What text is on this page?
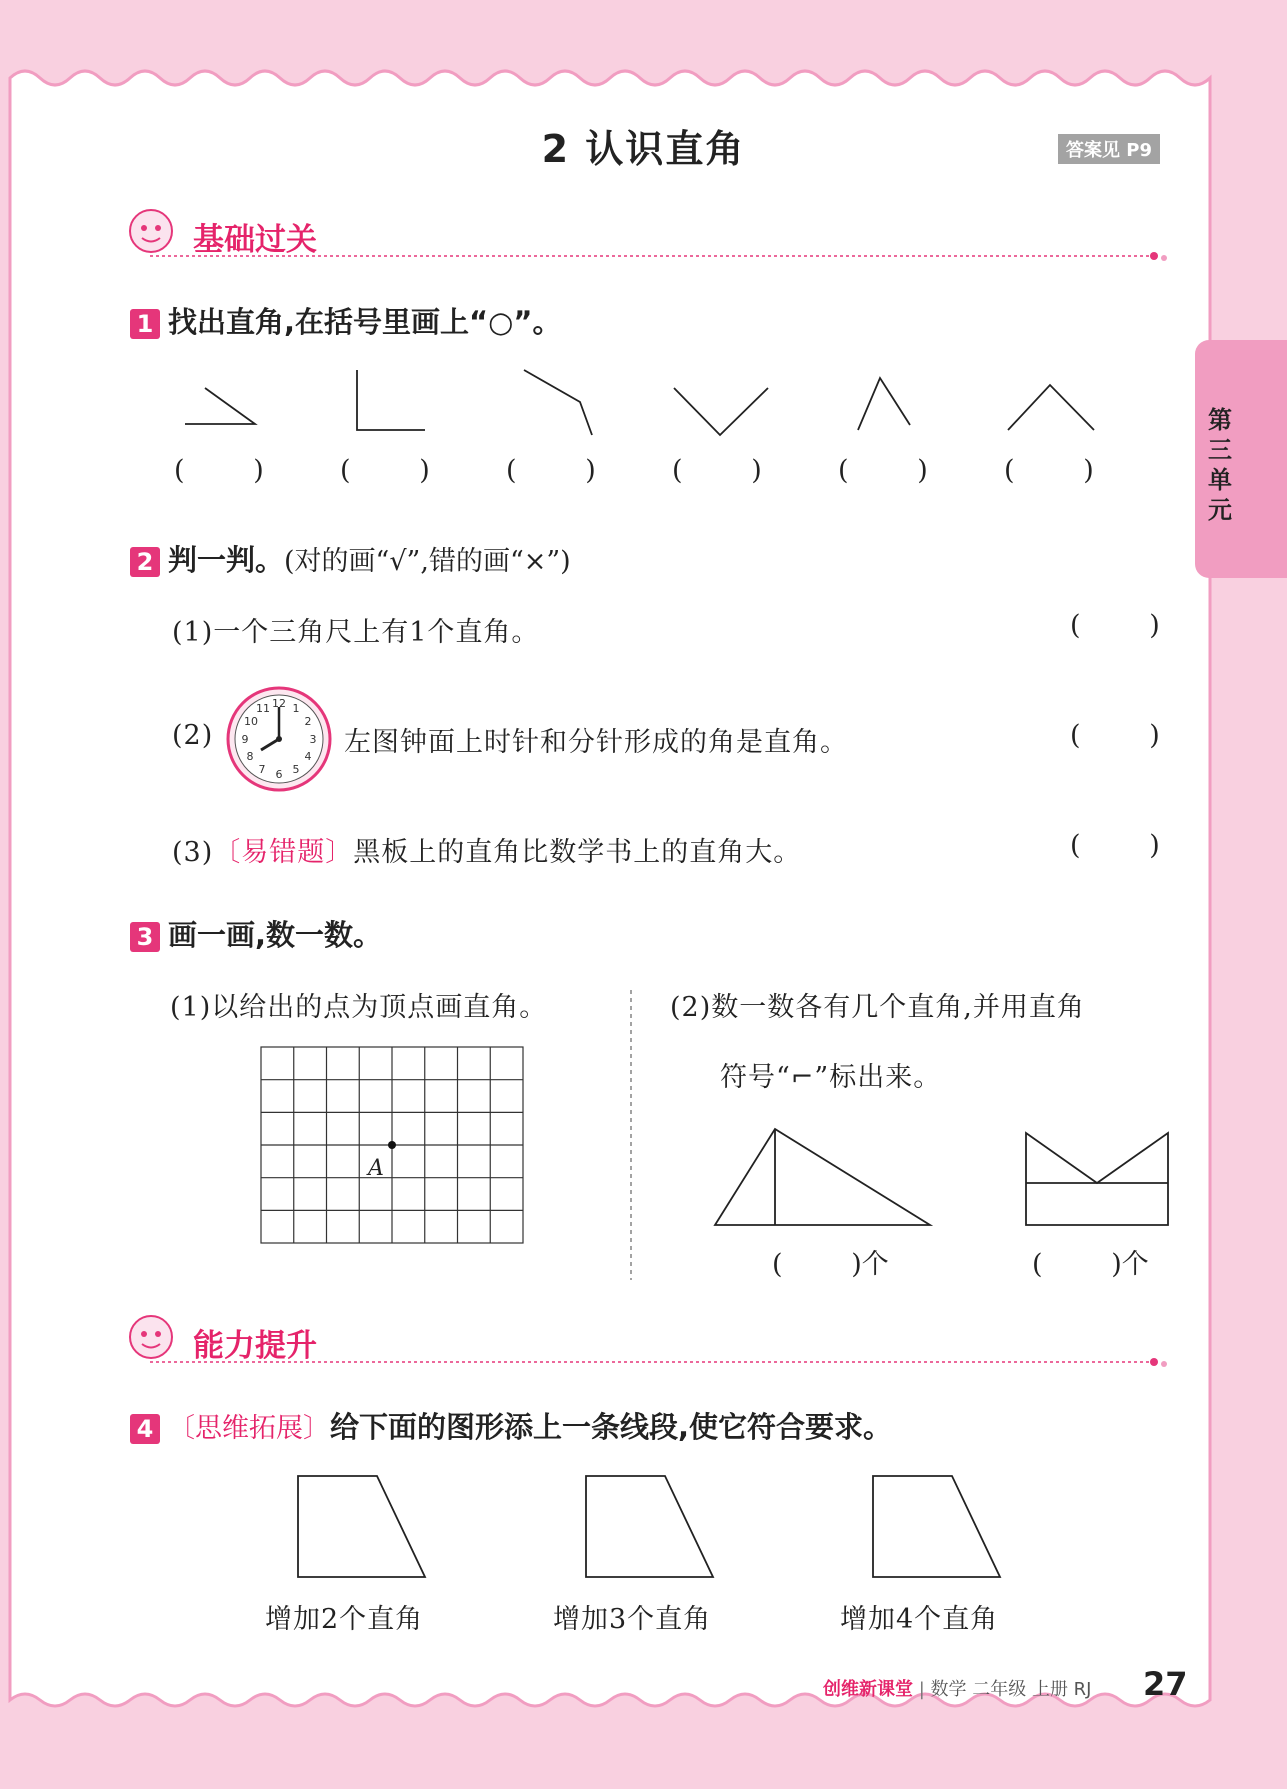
第三单元
2 认识直角	答案见 P9
基础过关
1 找出直角,在括号里画上“○”。
(        )	(        )	(        )	(        )	(        )	(        )
2 判一判。(对的画“√”,错的画“×”)
(1)一个三角尺上有1个直角。	(        )
(2)
12 1
2
3
4
5
6
7
8
9
10
11
左图钟面上时针和分针形成的角是直角。	(        )
(3)〔易错题〕黑板上的直角比数学书上的直角大。	(        )
3 画一画,数一数。
(1)以给出的点为顶点画直角。
A
(2)数一数各有几个直角,并用直角
符号“⌐”标出来。
(        )个	(        )个
能力提升
4 〔思维拓展〕给下面的图形添上一条线段,使它符合要求。
增加2个直角	增加3个直角	增加4个直角
创维新课堂 | 数学 二年级 上册 RJ 27
